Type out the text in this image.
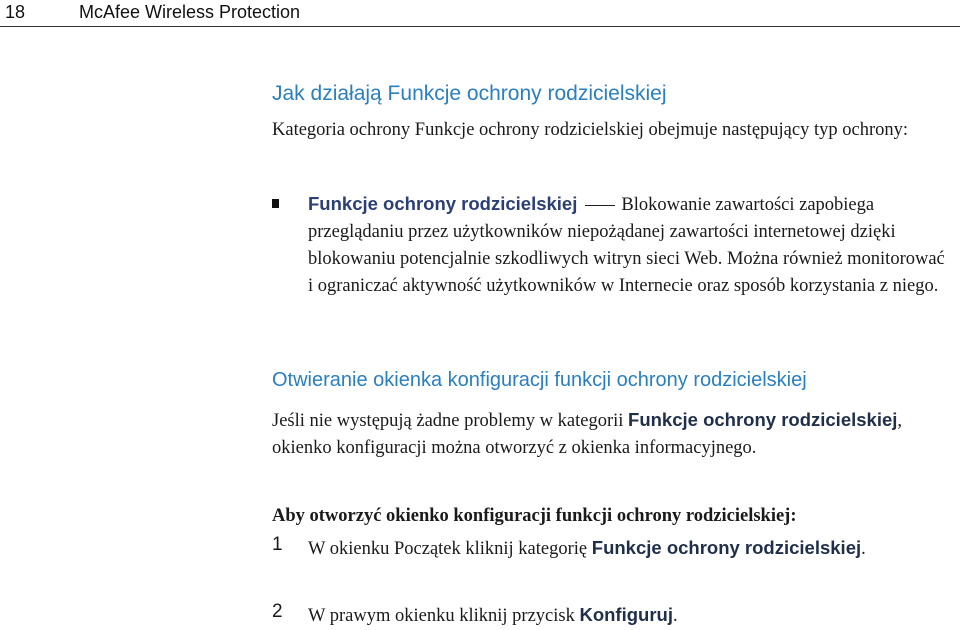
18	McAfee Wireless Protection
Jak działają Funkcje ochrony rodzicielskiej
Kategoria ochrony Funkcje ochrony rodzicielskiej obejmuje następujący typ ochrony:
Funkcje ochrony rodzicielskiej Blokowanie zawartości zapobiega przeglądaniu przez użytkowników niepożądanej zawartości internetowej dzięki blokowaniu potencjalnie szkodliwych witryn sieci Web. Można również monitorować i ograniczać aktywność użytkowników w Internecie oraz sposób korzystania z niego.
Otwieranie okienka konfiguracji funkcji ochrony rodzicielskiej
Jeśli nie występują żadne problemy w kategorii Funkcje ochrony rodzicielskiej, okienko konfiguracji można otworzyć z okienka informacyjnego.
Aby otworzyć okienko konfiguracji funkcji ochrony rodzicielskiej:
1 W okienku Początek kliknij kategorię Funkcje ochrony rodzicielskiej.
2 W prawym okienku kliknij przycisk Konfiguruj.
